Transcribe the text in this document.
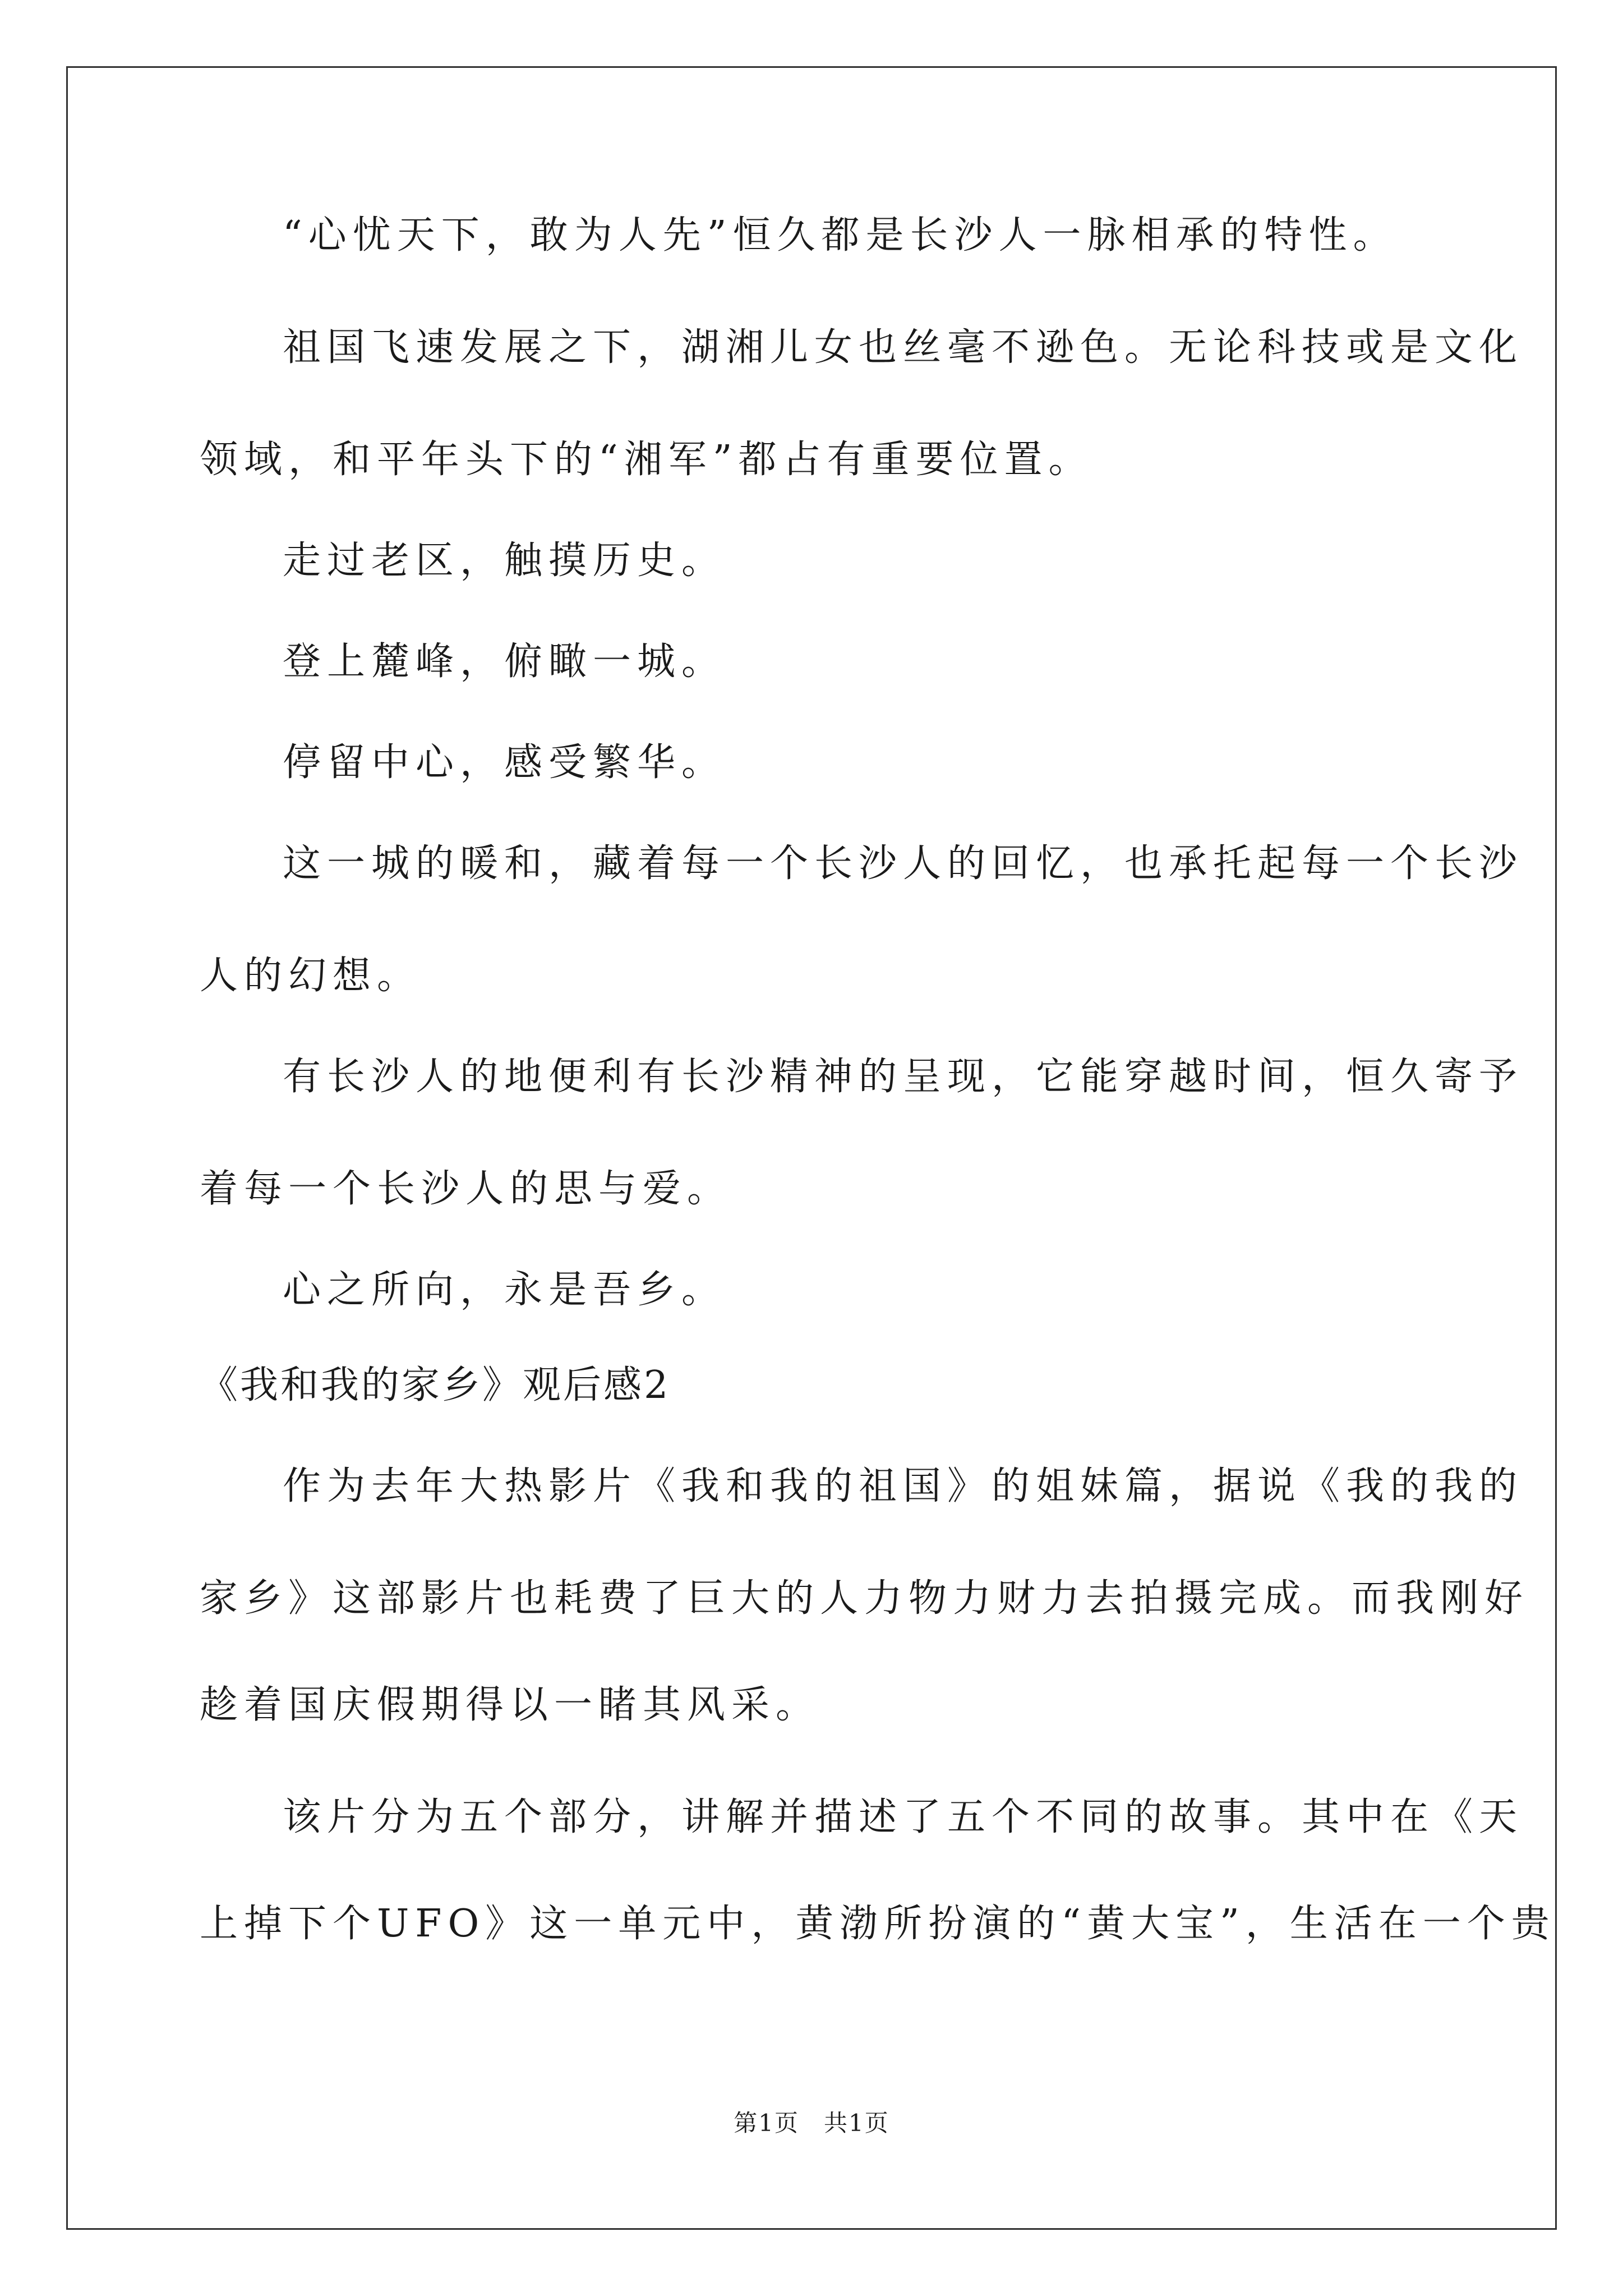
“心忧天下，敢为人先”恒久都是长沙人一脉相承的特性。
祖国飞速发展之下，湖湘儿女也丝毫不逊色。无论科技或是文化
领域，和平年头下的“湘军”都占有重要位置。
走过老区，触摸历史。
登上麓峰，俯瞰一城。
停留中心，感受繁华。
这一城的暖和，藏着每一个长沙人的回忆，也承托起每一个长沙
人的幻想。
有长沙人的地便利有长沙精神的呈现，它能穿越时间，恒久寄予
着每一个长沙人的思与爱。
心之所向，永是吾乡。
《我和我的家乡》观后感2
作为去年大热影片《我和我的祖国》的姐妹篇，据说《我的我的
家乡》这部影片也耗费了巨大的人力物力财力去拍摄完成。而我刚好
趁着国庆假期得以一睹其风采。
该片分为五个部分，讲解并描述了五个不同的故事。其中在《天
上掉下个UFO》这一单元中，黄渤所扮演的“黄大宝”，生活在一个贵
第1页　共1页
